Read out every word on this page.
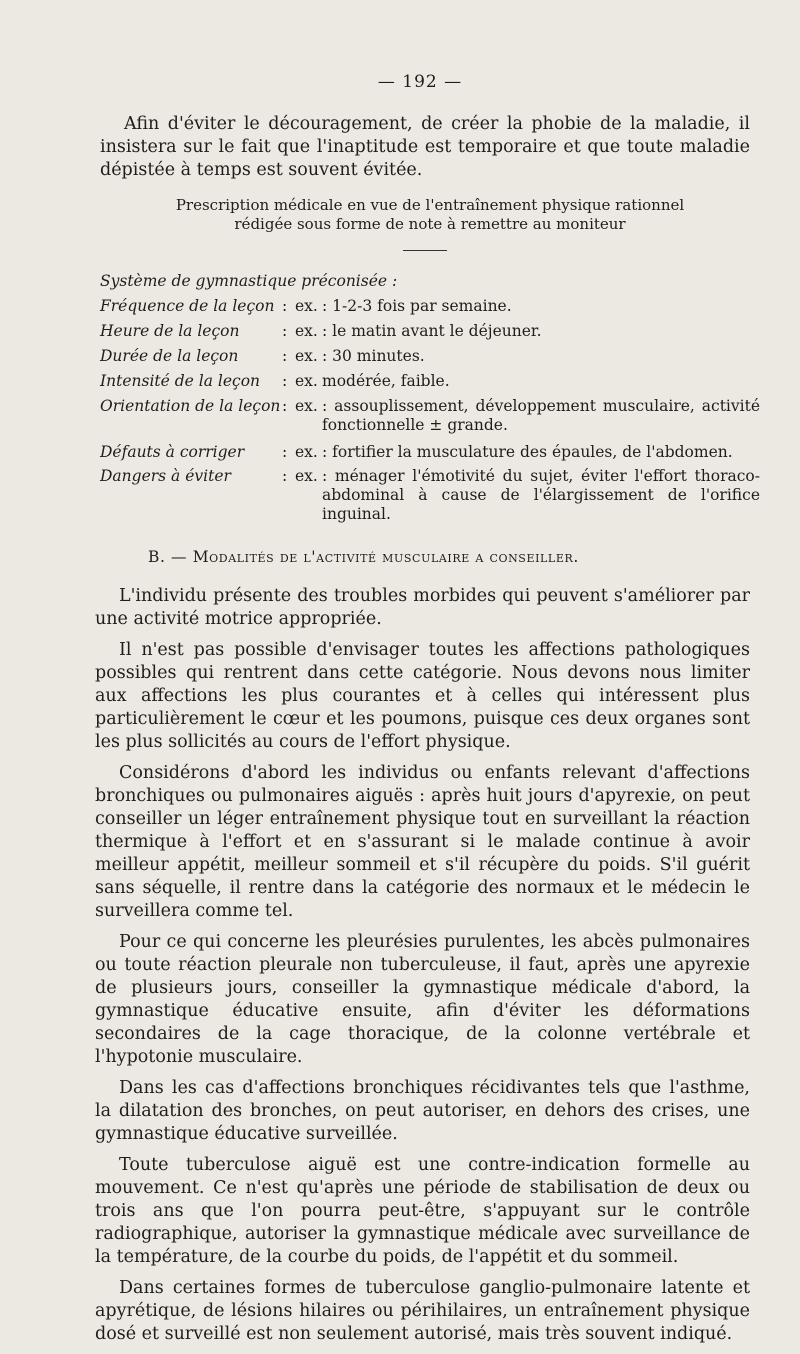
— 192 —
Afin d'éviter le découragement, de créer la phobie de la maladie, il insistera sur le fait que l'inaptitude est temporaire et que toute maladie dépistée à temps est souvent évitée.
Prescription médicale en vue de l'entraînement physique rationnel
rédigée sous forme de note à remettre au moniteur
Système de gymnastique préconisée :
Fréquence de la leçon : ex. : 1-2-3 fois par semaine.
Heure de la leçon	: ex. : le matin avant le déjeuner.
Durée de la leçon	: ex. : 30 minutes.
Intensité de la leçon : ex. modérée, faible.
Orientation de la leçon : ex. : assouplissement, développement musculaire, activité fonctionnelle ± grande.
Défauts à corriger : ex. : fortifier la musculature des épaules, de l'abdomen.
Dangers à éviter	: ex. : ménager l'émotivité du sujet, éviter l'effort thoraco-abdominal à cause de l'élargissement de l'orifice inguinal.
B. — Modalités de l'activité musculaire a conseiller.

L'individu présente des troubles morbides qui peuvent s'améliorer par une activité motrice appropriée.

Il n'est pas possible d'envisager toutes les affections pathologiques possibles qui rentrent dans cette catégorie. Nous devons nous limiter aux affections les plus courantes et à celles qui intéressent plus particulièrement le cœur et les poumons, puisque ces deux organes sont les plus sollicités au cours de l'effort physique.

Considérons d'abord les individus ou enfants relevant d'affections bronchiques ou pulmonaires aiguës : après huit jours d'apyrexie, on peut conseiller un léger entraînement physique tout en surveillant la réaction thermique à l'effort et en s'assurant si le malade continue à avoir meilleur appétit, meilleur sommeil et s'il récupère du poids. S'il guérit sans séquelle, il rentre dans la catégorie des normaux et le médecin le surveillera comme tel.

Pour ce qui concerne les pleurésies purulentes, les abcès pulmonaires ou toute réaction pleurale non tuberculeuse, il faut, après une apyrexie de plusieurs jours, conseiller la gymnastique médicale d'abord, la gymnastique éducative ensuite, afin d'éviter les déformations secondaires de la cage thoracique, de la colonne vertébrale et l'hypotonie musculaire.

Dans les cas d'affections bronchiques récidivantes tels que l'asthme, la dilatation des bronches, on peut autoriser, en dehors des crises, une gymnastique éducative surveillée.

Toute tuberculose aiguë est une contre-indication formelle au mouvement. Ce n'est qu'après une période de stabilisation de deux ou trois ans que l'on pourra peut-être, s'appuyant sur le contrôle radiographique, autoriser la gymnastique médicale avec surveillance de la température, de la courbe du poids, de l'appétit et du sommeil.

Dans certaines formes de tuberculose ganglio-pulmonaire latente et apyrétique, de lésions hilaires ou périhilaires, un entraînement physique dosé et surveillé est non seulement autorisé, mais très souvent indiqué.
